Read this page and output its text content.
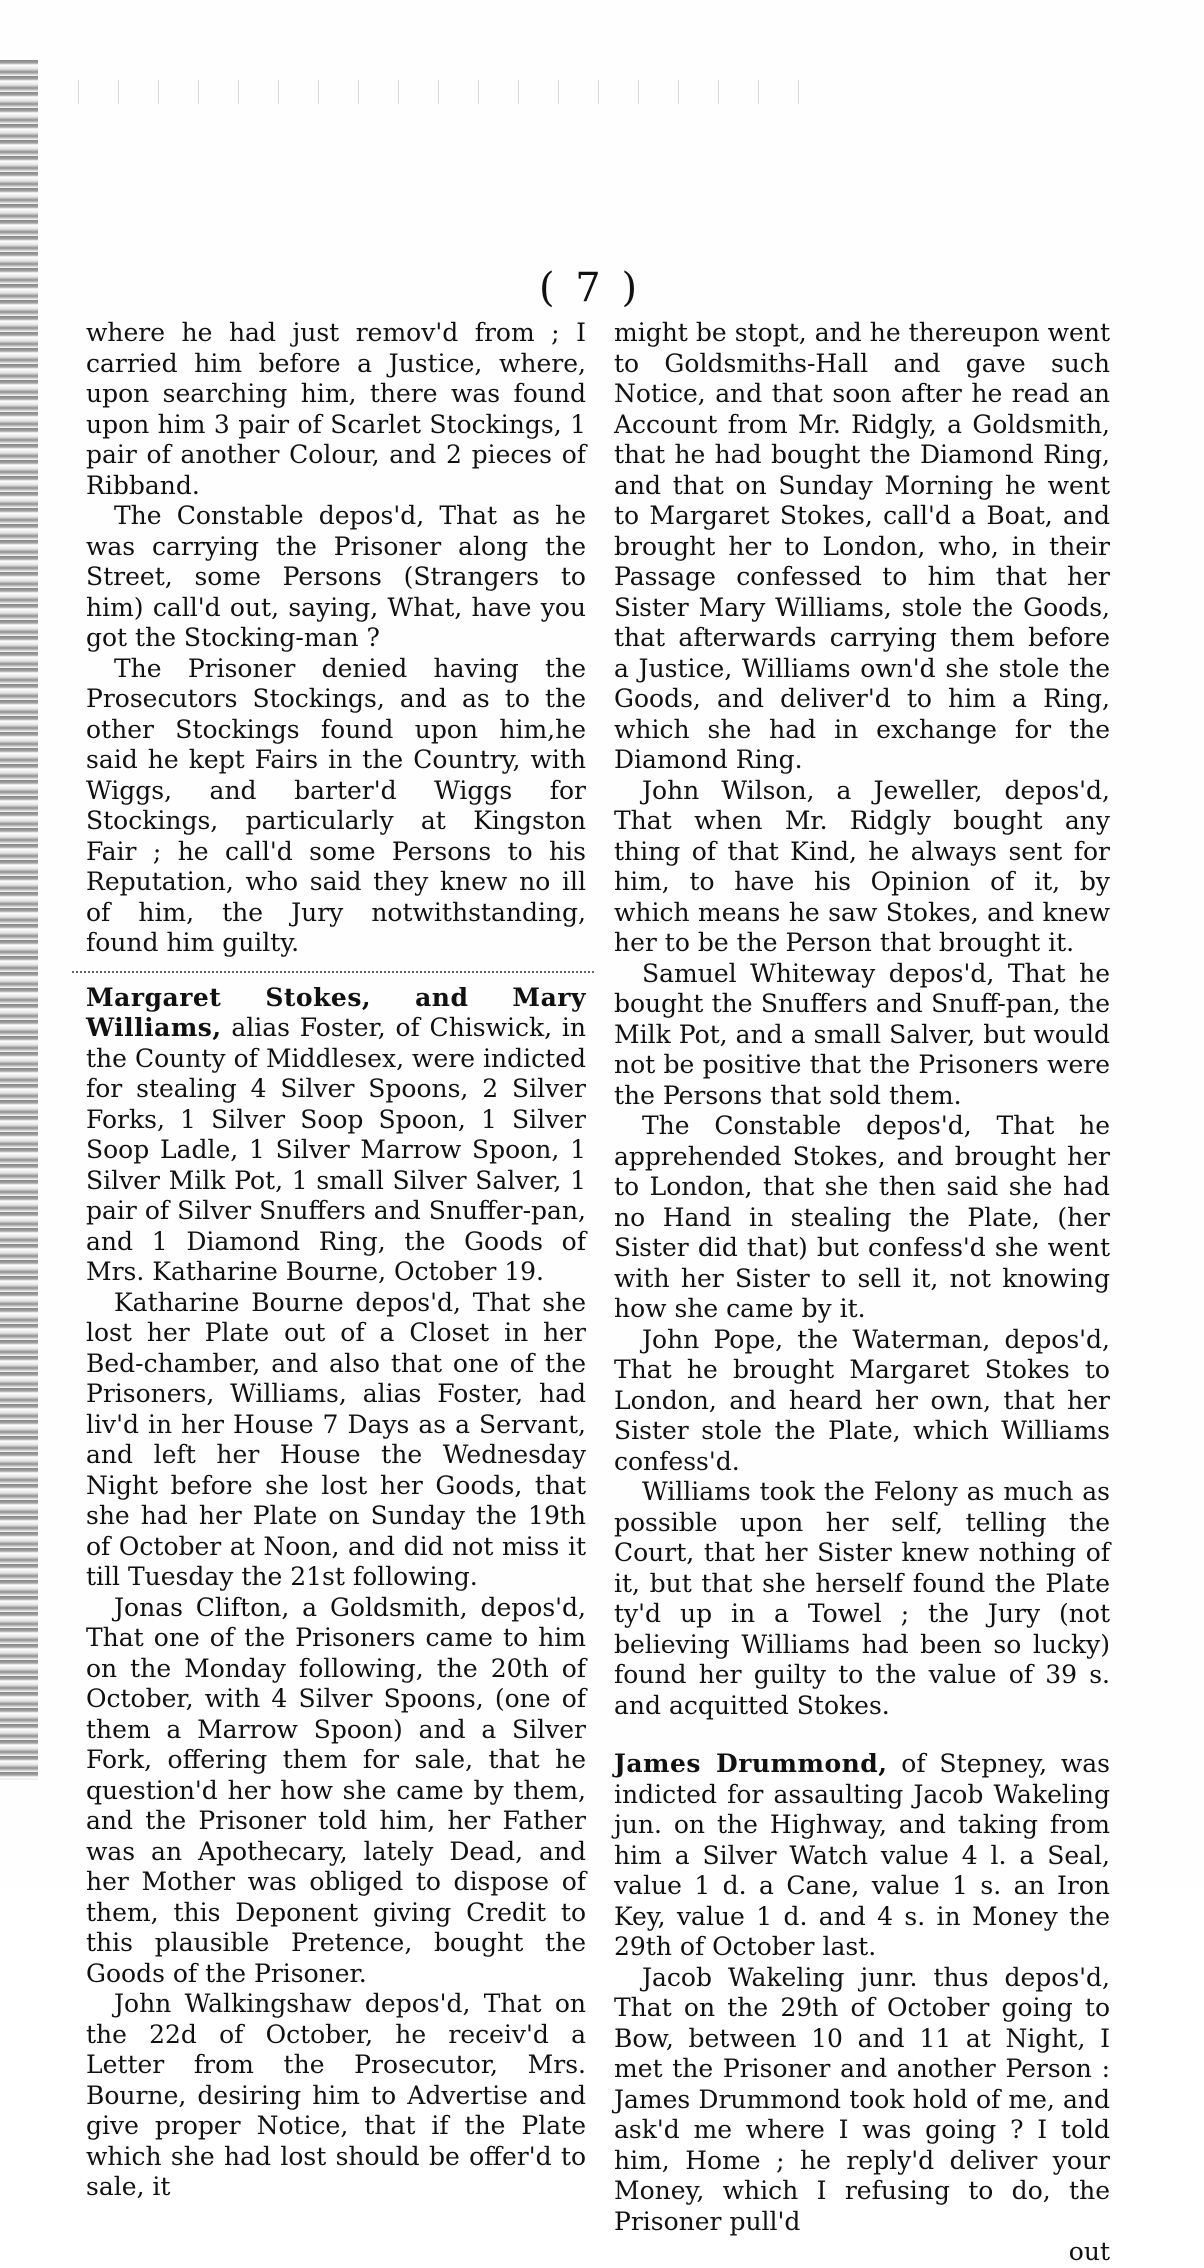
( 7 )

where he had just remov'd from ; I carried him before a Justice, where, upon searching him, there was found upon him 3 pair of Scarlet Stockings, 1 pair of another Colour, and 2 pieces of Ribband.

The Constable depos'd, That as he was carrying the Prisoner along the Street, some Persons (Strangers to him) call'd out, saying, What, have you got the Stocking-man ?

The Prisoner denied having the Prosecutors Stockings, and as to the other Stockings found upon him,he said he kept Fairs in the Country, with Wiggs, and barter'd Wiggs for Stockings, particularly at Kingston Fair ; he call'd some Persons to his Reputation, who said they knew no ill of him, the Jury notwithstanding, found him guilty.

Margaret Stokes, and Mary Williams, alias Foster, of Chiswick, in the County of Middlesex, were indicted for stealing 4 Silver Spoons, 2 Silver Forks, 1 Silver Soop Spoon, 1 Silver Soop Ladle, 1 Silver Marrow Spoon, 1 Silver Milk Pot, 1 small Silver Salver, 1 pair of Silver Snuffers and Snuffer-pan, and 1 Diamond Ring, the Goods of Mrs. Katharine Bourne, October 19.

Katharine Bourne depos'd, That she lost her Plate out of a Closet in her Bed-chamber, and also that one of the Prisoners, Williams, alias Foster, had liv'd in her House 7 Days as a Servant, and left her House the Wednesday Night before she lost her Goods, that she had her Plate on Sunday the 19th of October at Noon, and did not miss it till Tuesday the 21st following.

Jonas Clifton, a Goldsmith, depos'd, That one of the Prisoners came to him on the Monday following, the 20th of October, with 4 Silver Spoons, (one of them a Marrow Spoon) and a Silver Fork, offering them for sale, that he question'd her how she came by them, and the Prisoner told him, her Father was an Apothecary, lately Dead, and her Mother was obliged to dispose of them, this Deponent giving Credit to this plausible Pretence, bought the Goods of the Prisoner.

John Walkingshaw depos'd, That on the 22d of October, he receiv'd a Letter from the Prosecutor, Mrs. Bourne, desiring him to Advertise and give proper Notice, that if the Plate which she had lost should be offer'd to sale, it

might be stopt, and he thereupon went to Goldsmiths-Hall and gave such Notice, and that soon after he read an Account from Mr. Ridgly, a Goldsmith, that he had bought the Diamond Ring, and that on Sunday Morning he went to Margaret Stokes, call'd a Boat, and brought her to London, who, in their Passage confessed to him that her Sister Mary Williams, stole the Goods, that afterwards carrying them before a Justice, Williams own'd she stole the Goods, and deliver'd to him a Ring, which she had in exchange for the Diamond Ring.

John Wilson, a Jeweller, depos'd, That when Mr. Ridgly bought any thing of that Kind, he always sent for him, to have his Opinion of it, by which means he saw Stokes, and knew her to be the Person that brought it.

Samuel Whiteway depos'd, That he bought the Snuffers and Snuff-pan, the Milk Pot, and a small Salver, but would not be positive that the Prisoners were the Persons that sold them.

The Constable depos'd, That he apprehended Stokes, and brought her to London, that she then said she had no Hand in stealing the Plate, (her Sister did that) but confess'd she went with her Sister to sell it, not knowing how she came by it.

John Pope, the Waterman, depos'd, That he brought Margaret Stokes to London, and heard her own, that her Sister stole the Plate, which Williams confess'd.

Williams took the Felony as much as possible upon her self, telling the Court, that her Sister knew nothing of it, but that she herself found the Plate ty'd up in a Towel ; the Jury (not believing Williams had been so lucky) found her guilty to the value of 39 s. and acquitted Stokes.

James Drummond, of Stepney, was indicted for assaulting Jacob Wakeling jun. on the Highway, and taking from him a Silver Watch value 4 l. a Seal, value 1 d. a Cane, value 1 s. an Iron Key, value 1 d. and 4 s. in Money the 29th of October last.

Jacob Wakeling junr. thus depos'd, That on the 29th of October going to Bow, between 10 and 11 at Night, I met the Prisoner and another Person : James Drummond took hold of me, and ask'd me where I was going ? I told him, Home ; he reply'd deliver your Money, which I refusing to do, the Prisoner pull'd

out
